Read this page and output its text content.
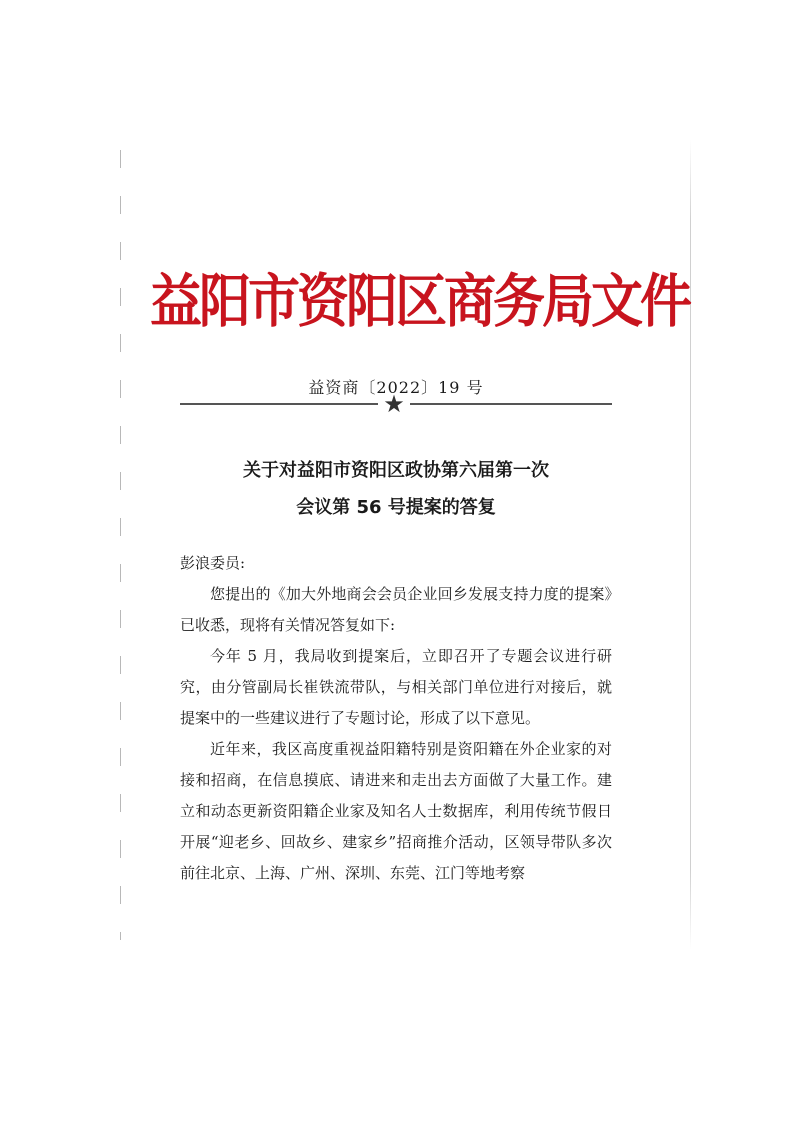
益阳市资阳区商务局文件
益资商〔2022〕19 号
★
关于对益阳市资阳区政协第六届第一次
会议第 56 号提案的答复

彭浪委员:

您提出的《加大外地商会会员企业回乡发展支持力度的提案》已收悉，现将有关情况答复如下:

今年 5 月，我局收到提案后，立即召开了专题会议进行研究，由分管副局长崔铁流带队，与相关部门单位进行对接后，就提案中的一些建议进行了专题讨论，形成了以下意见。

近年来，我区高度重视益阳籍特别是资阳籍在外企业家的对接和招商，在信息摸底、请进来和走出去方面做了大量工作。建立和动态更新资阳籍企业家及知名人士数据库，利用传统节假日开展“迎老乡、回故乡、建家乡”招商推介活动，区领导带队多次前往北京、上海、广州、深圳、东莞、江门等地考察
